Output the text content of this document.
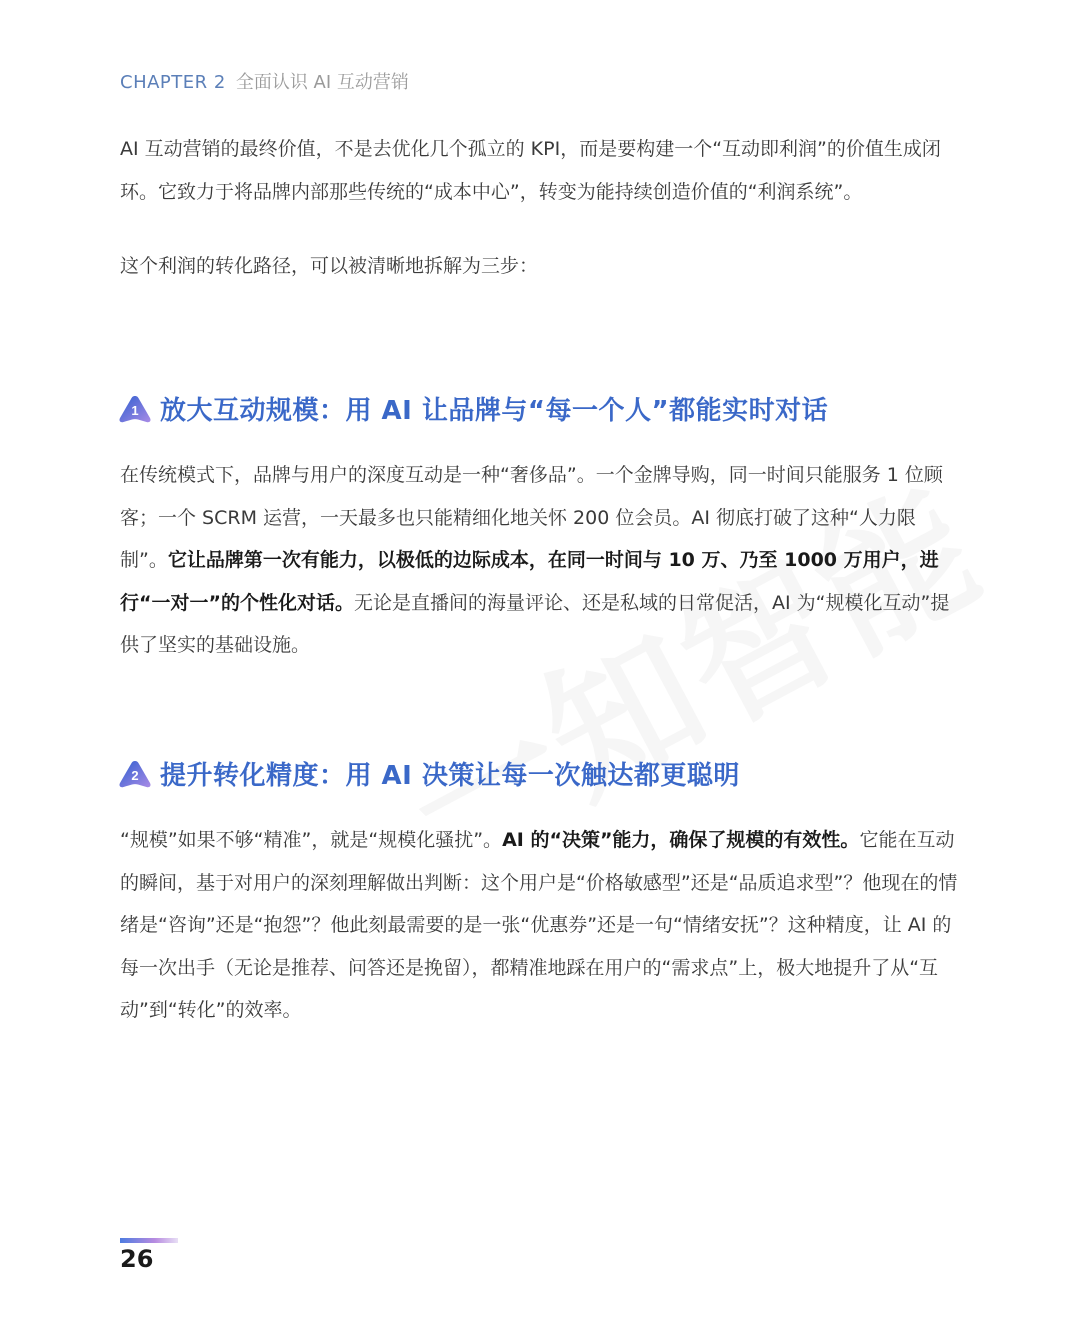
CHAPTER 2 全面认识 AI 互动营销

AI 互动营销的最终价值，不是去优化几个孤立的 KPI，而是要构建一个“互动即利润”的价值生成闭环。它致力于将品牌内部那些传统的“成本中心”，转变为能持续创造价值的“利润系统”。

这个利润的转化路径，可以被清晰地拆解为三步：

1 放大互动规模：用 AI 让品牌与“每一个人”都能实时对话

在传统模式下，品牌与用户的深度互动是一种“奢侈品”。一个金牌导购，同一时间只能服务 1 位顾客；一个 SCRM 运营，一天最多也只能精细化地关怀 200 位会员。AI 彻底打破了这种“人力限制”。它让品牌第一次有能力，以极低的边际成本，在同一时间与 10 万、乃至 1000 万用户，进行“一对一”的个性化对话。无论是直播间的海量评论、还是私域的日常促活，AI 为“规模化互动”提供了坚实的基础设施。

2 提升转化精度：用 AI 决策让每一次触达都更聪明

“规模”如果不够“精准”，就是“规模化骚扰”。AI 的“决策”能力，确保了规模的有效性。它能在互动的瞬间，基于对用户的深刻理解做出判断：这个用户是“价格敏感型”还是“品质追求型”？他现在的情绪是“咨询”还是“抱怨”？他此刻最需要的是一张“优惠券”还是一句“情绪安抚”？这种精度，让 AI 的每一次出手（无论是推荐、问答还是挽留），都精准地踩在用户的“需求点”上，极大地提升了从“互动”到“转化”的效率。

26
